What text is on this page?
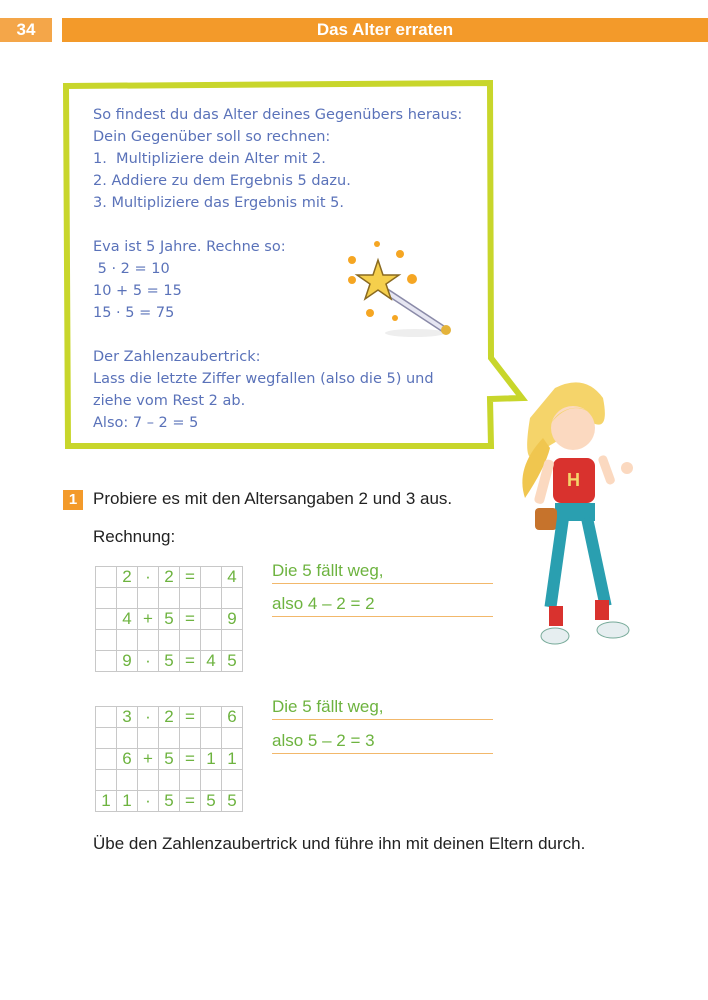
34	Das Alter erraten
So findest du das Alter deines Gegenübers heraus:
Dein Gegenüber soll so rechnen:
1.  Multipliziere dein Alter mit 2.
2. Addiere zu dem Ergebnis 5 dazu.
3. Multipliziere das Ergebnis mit 5.
Eva ist 5 Jahre. Rechne so:
5 · 2 = 10
10 + 5 = 15
15 · 5 = 75
Der Zahlenzaubertrick:
Lass die letzte Ziffer wegfallen (also die 5) und
ziehe vom Rest 2 ab.
Also: 7 – 2 = 5
H
1 Probiere es mit den Altersangaben 2 und 3 aus.
Rechnung:
	2	·	2	=		4

	4	+	5	=		9

	9	·	5	=	4	5
Die 5 fällt weg,
also 4 – 2 = 2
	3	·	2	=		6

	6	+	5	=	1	1

1	1	·	5	=	5	5
Die 5 fällt weg,
also 5 – 2 = 3
Übe den Zahlenzaubertrick und führe ihn mit deinen Eltern durch.
